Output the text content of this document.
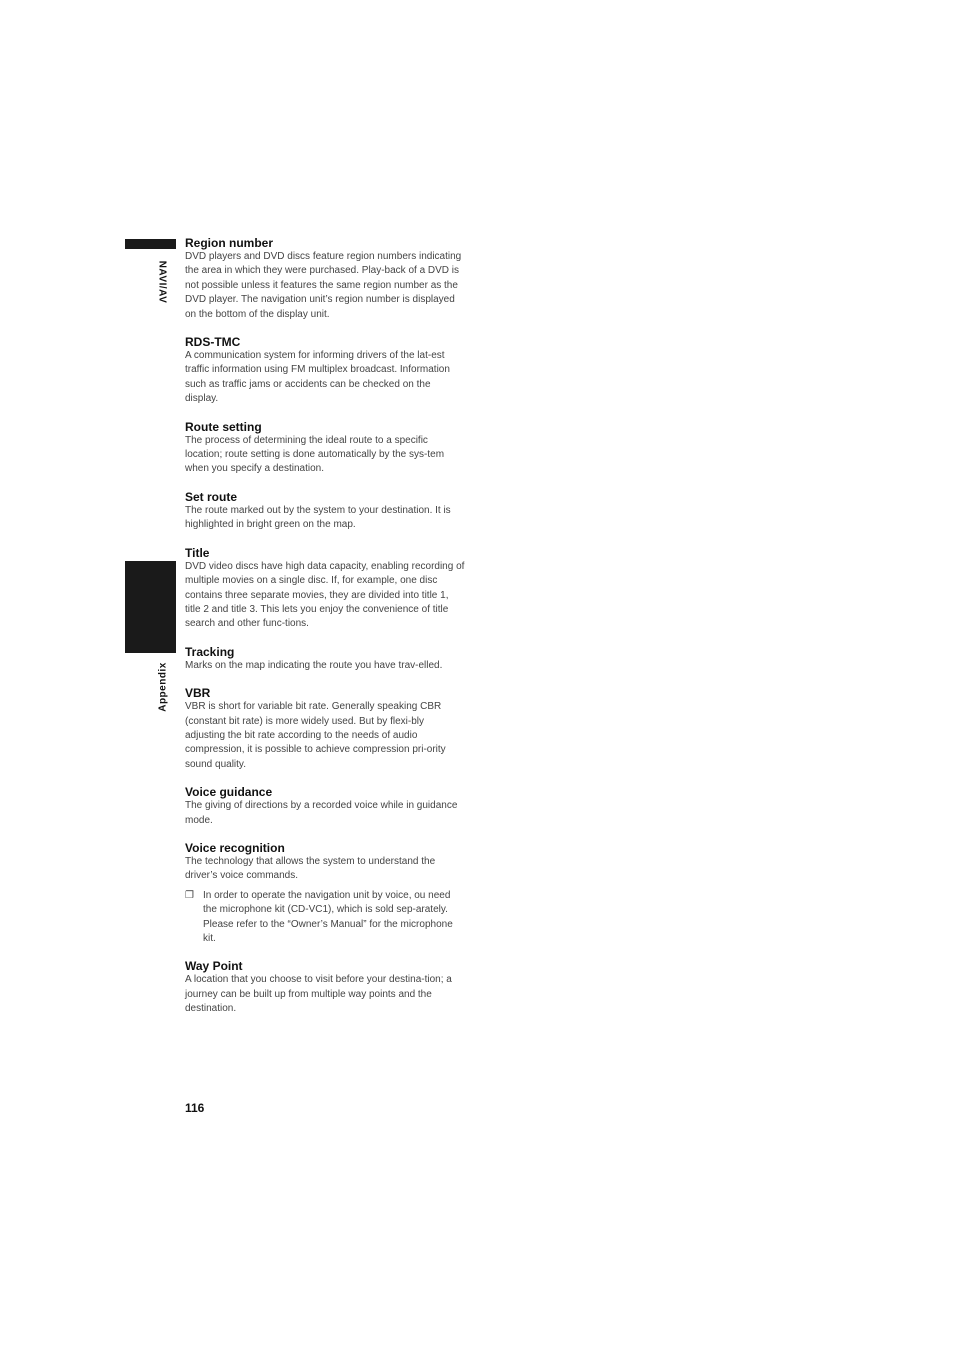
NAVI/AV
Appendix

Region number

DVD players and DVD discs feature region numbers indicating the area in which they were purchased. Play-back of a DVD is not possible unless it features the same region number as the DVD player. The navigation unit’s region number is displayed on the bottom of the display unit.

RDS-TMC

A communication system for informing drivers of the lat-est traffic information using FM multiplex broadcast. Information such as traffic jams or accidents can be checked on the display.

Route setting

The process of determining the ideal route to a specific location; route setting is done automatically by the sys-tem when you specify a destination.

Set route

The route marked out by the system to your destination. It is highlighted in bright green on the map.

Title

DVD video discs have high data capacity, enabling recording of multiple movies on a single disc. If, for example, one disc contains three separate movies, they are divided into title 1, title 2 and title 3. This lets you enjoy the convenience of title search and other func-tions.

Tracking

Marks on the map indicating the route you have trav-elled.

VBR

VBR is short for variable bit rate. Generally speaking CBR (constant bit rate) is more widely used. But by flexi-bly adjusting the bit rate according to the needs of audio compression, it is possible to achieve compression pri-ority sound quality.

Voice guidance

The giving of directions by a recorded voice while in guidance mode.

Voice recognition

The technology that allows the system to understand the driver’s voice commands.

❐ In order to operate the navigation unit by voice, ou need the microphone kit (CD-VC1), which is sold sep-arately. Please refer to the “Owner’s Manual” for the microphone kit.

Way Point

A location that you choose to visit before your destina-tion; a journey can be built up from multiple way points and the destination.

116
